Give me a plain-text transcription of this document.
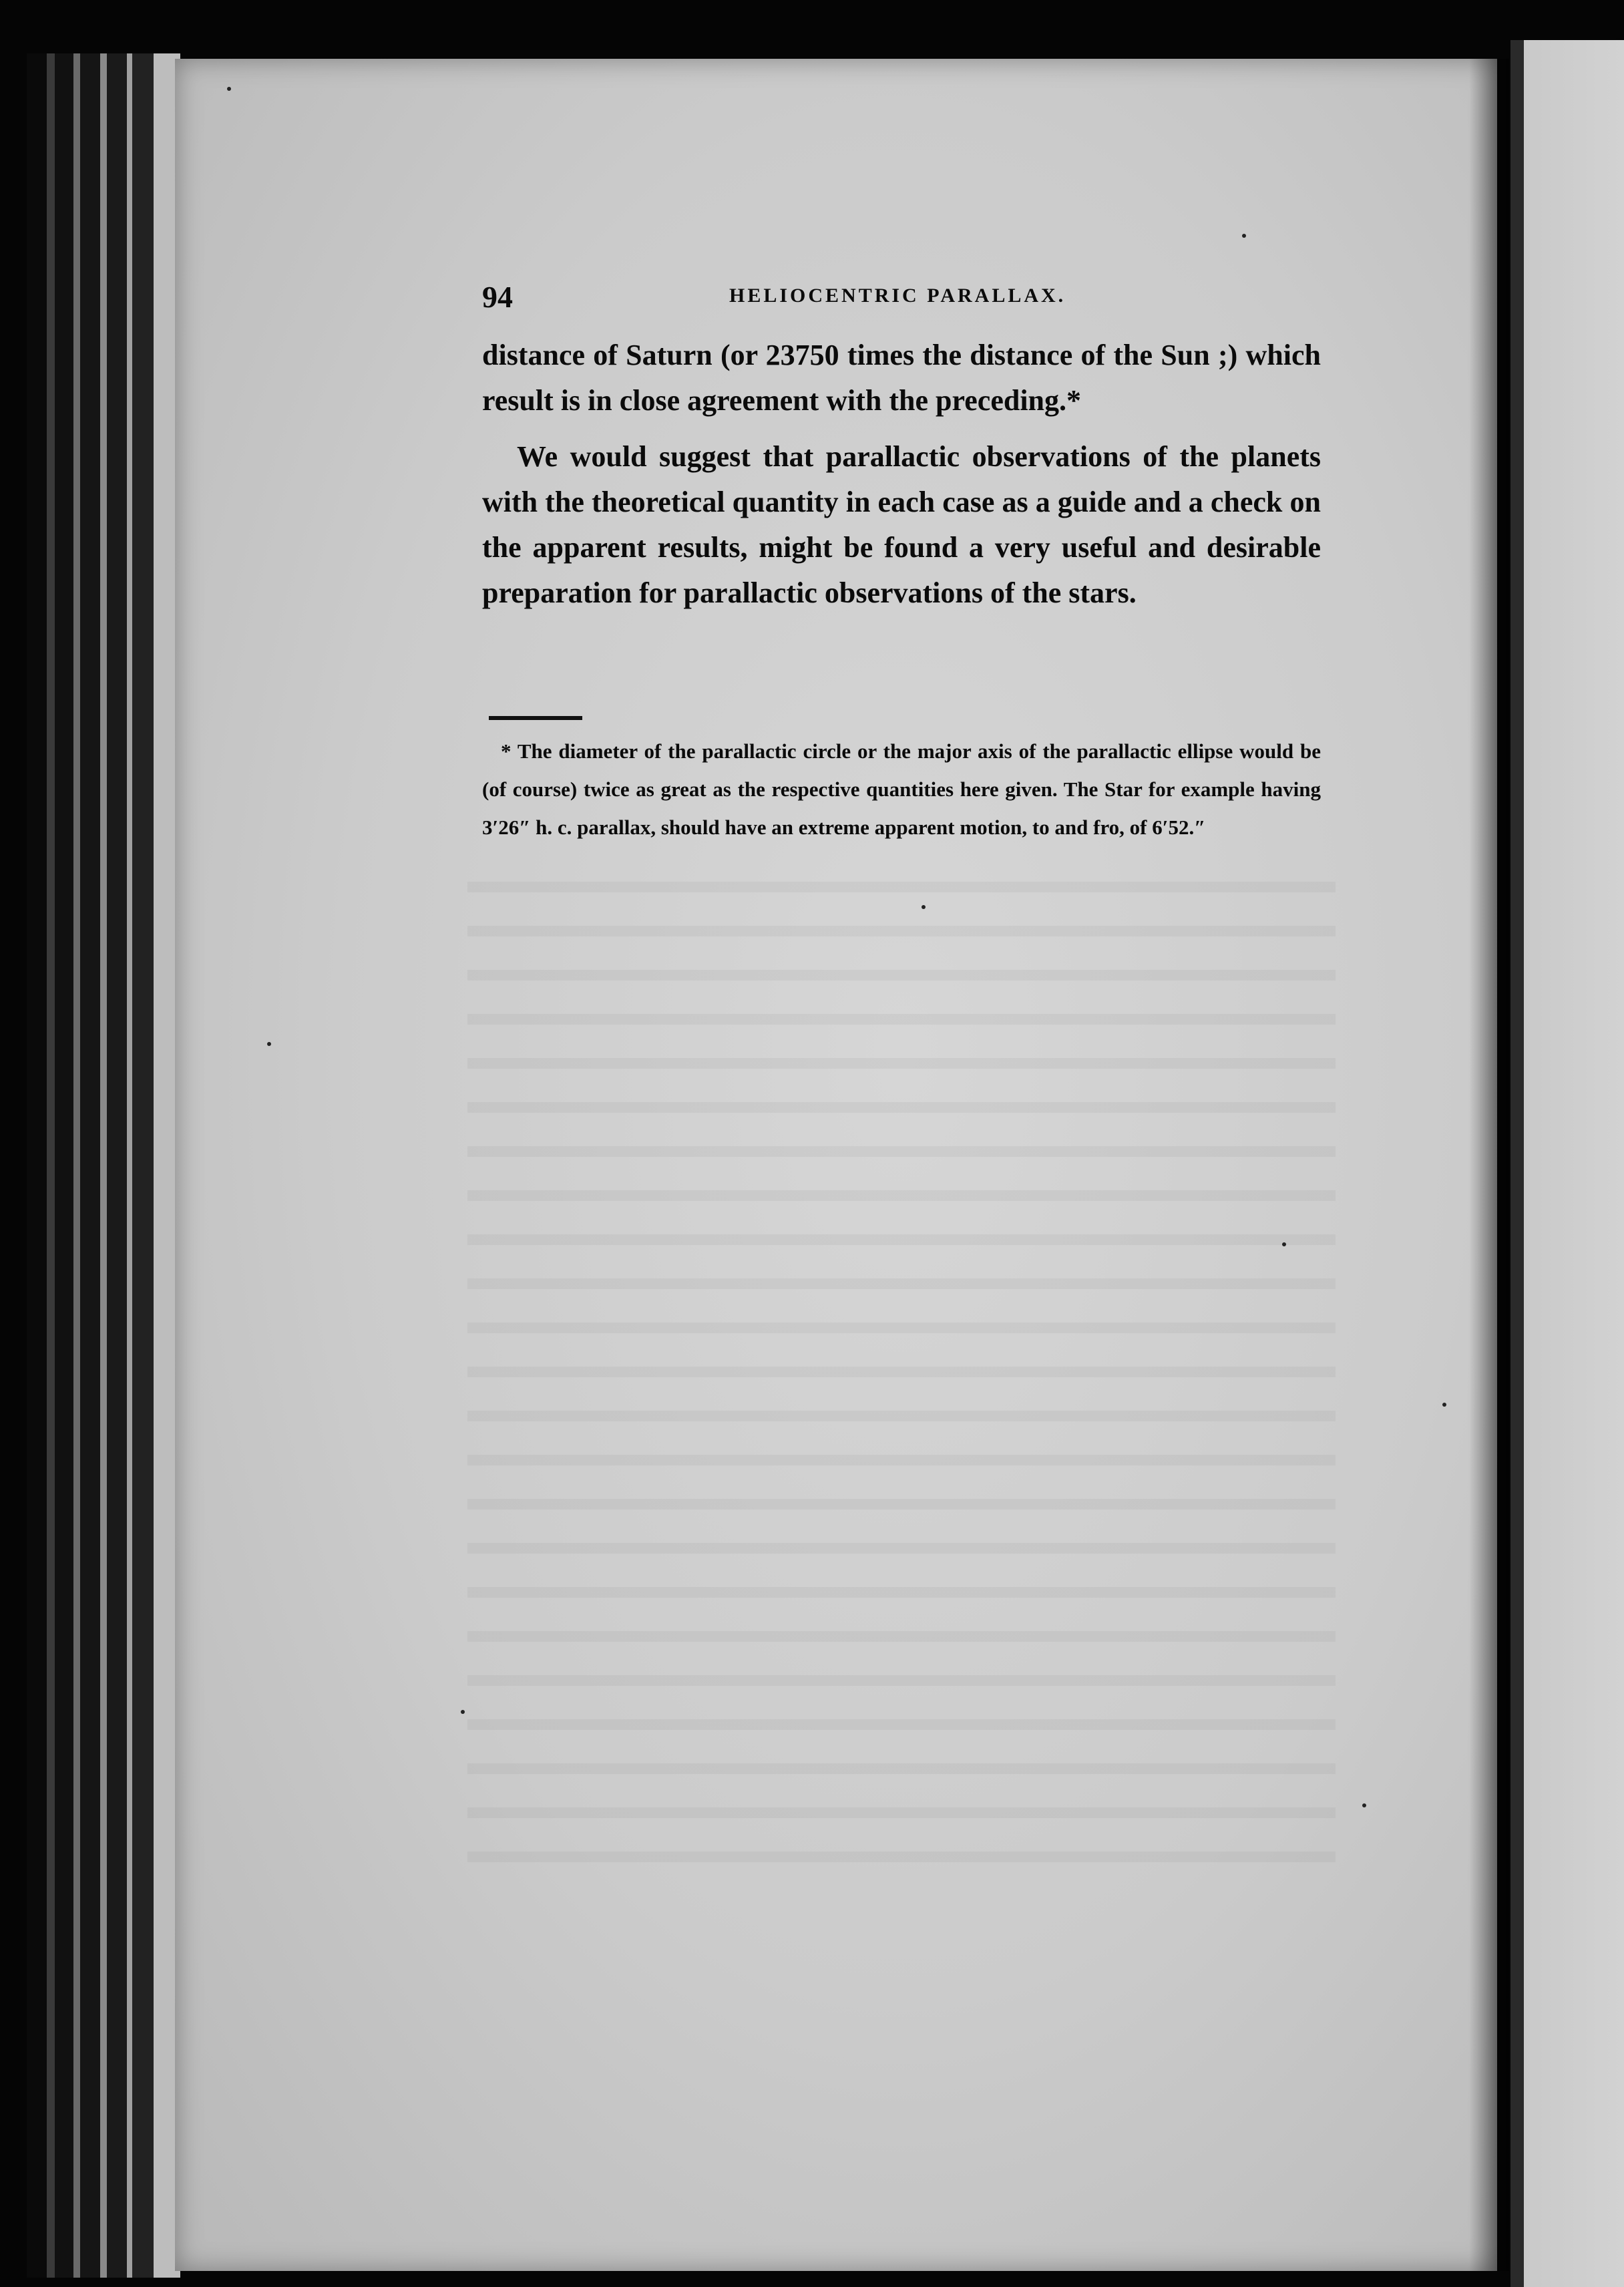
94	HELIOCENTRIC PARALLAX.

distance of Saturn (or 23750 times the distance of the Sun ;) which result is in close agreement with the preceding.*

We would suggest that parallactic observations of the planets with the theoretical quantity in each case as a guide and a check on the apparent results, might be found a very useful and desirable preparation for parallactic observations of the stars.

* The diameter of the parallactic circle or the major axis of the parallactic ellipse would be (of course) twice as great as the respective quantities here given. The Star for example having 3′26″ h. c. parallax, should have an extreme apparent motion, to and fro, of 6′52.″
